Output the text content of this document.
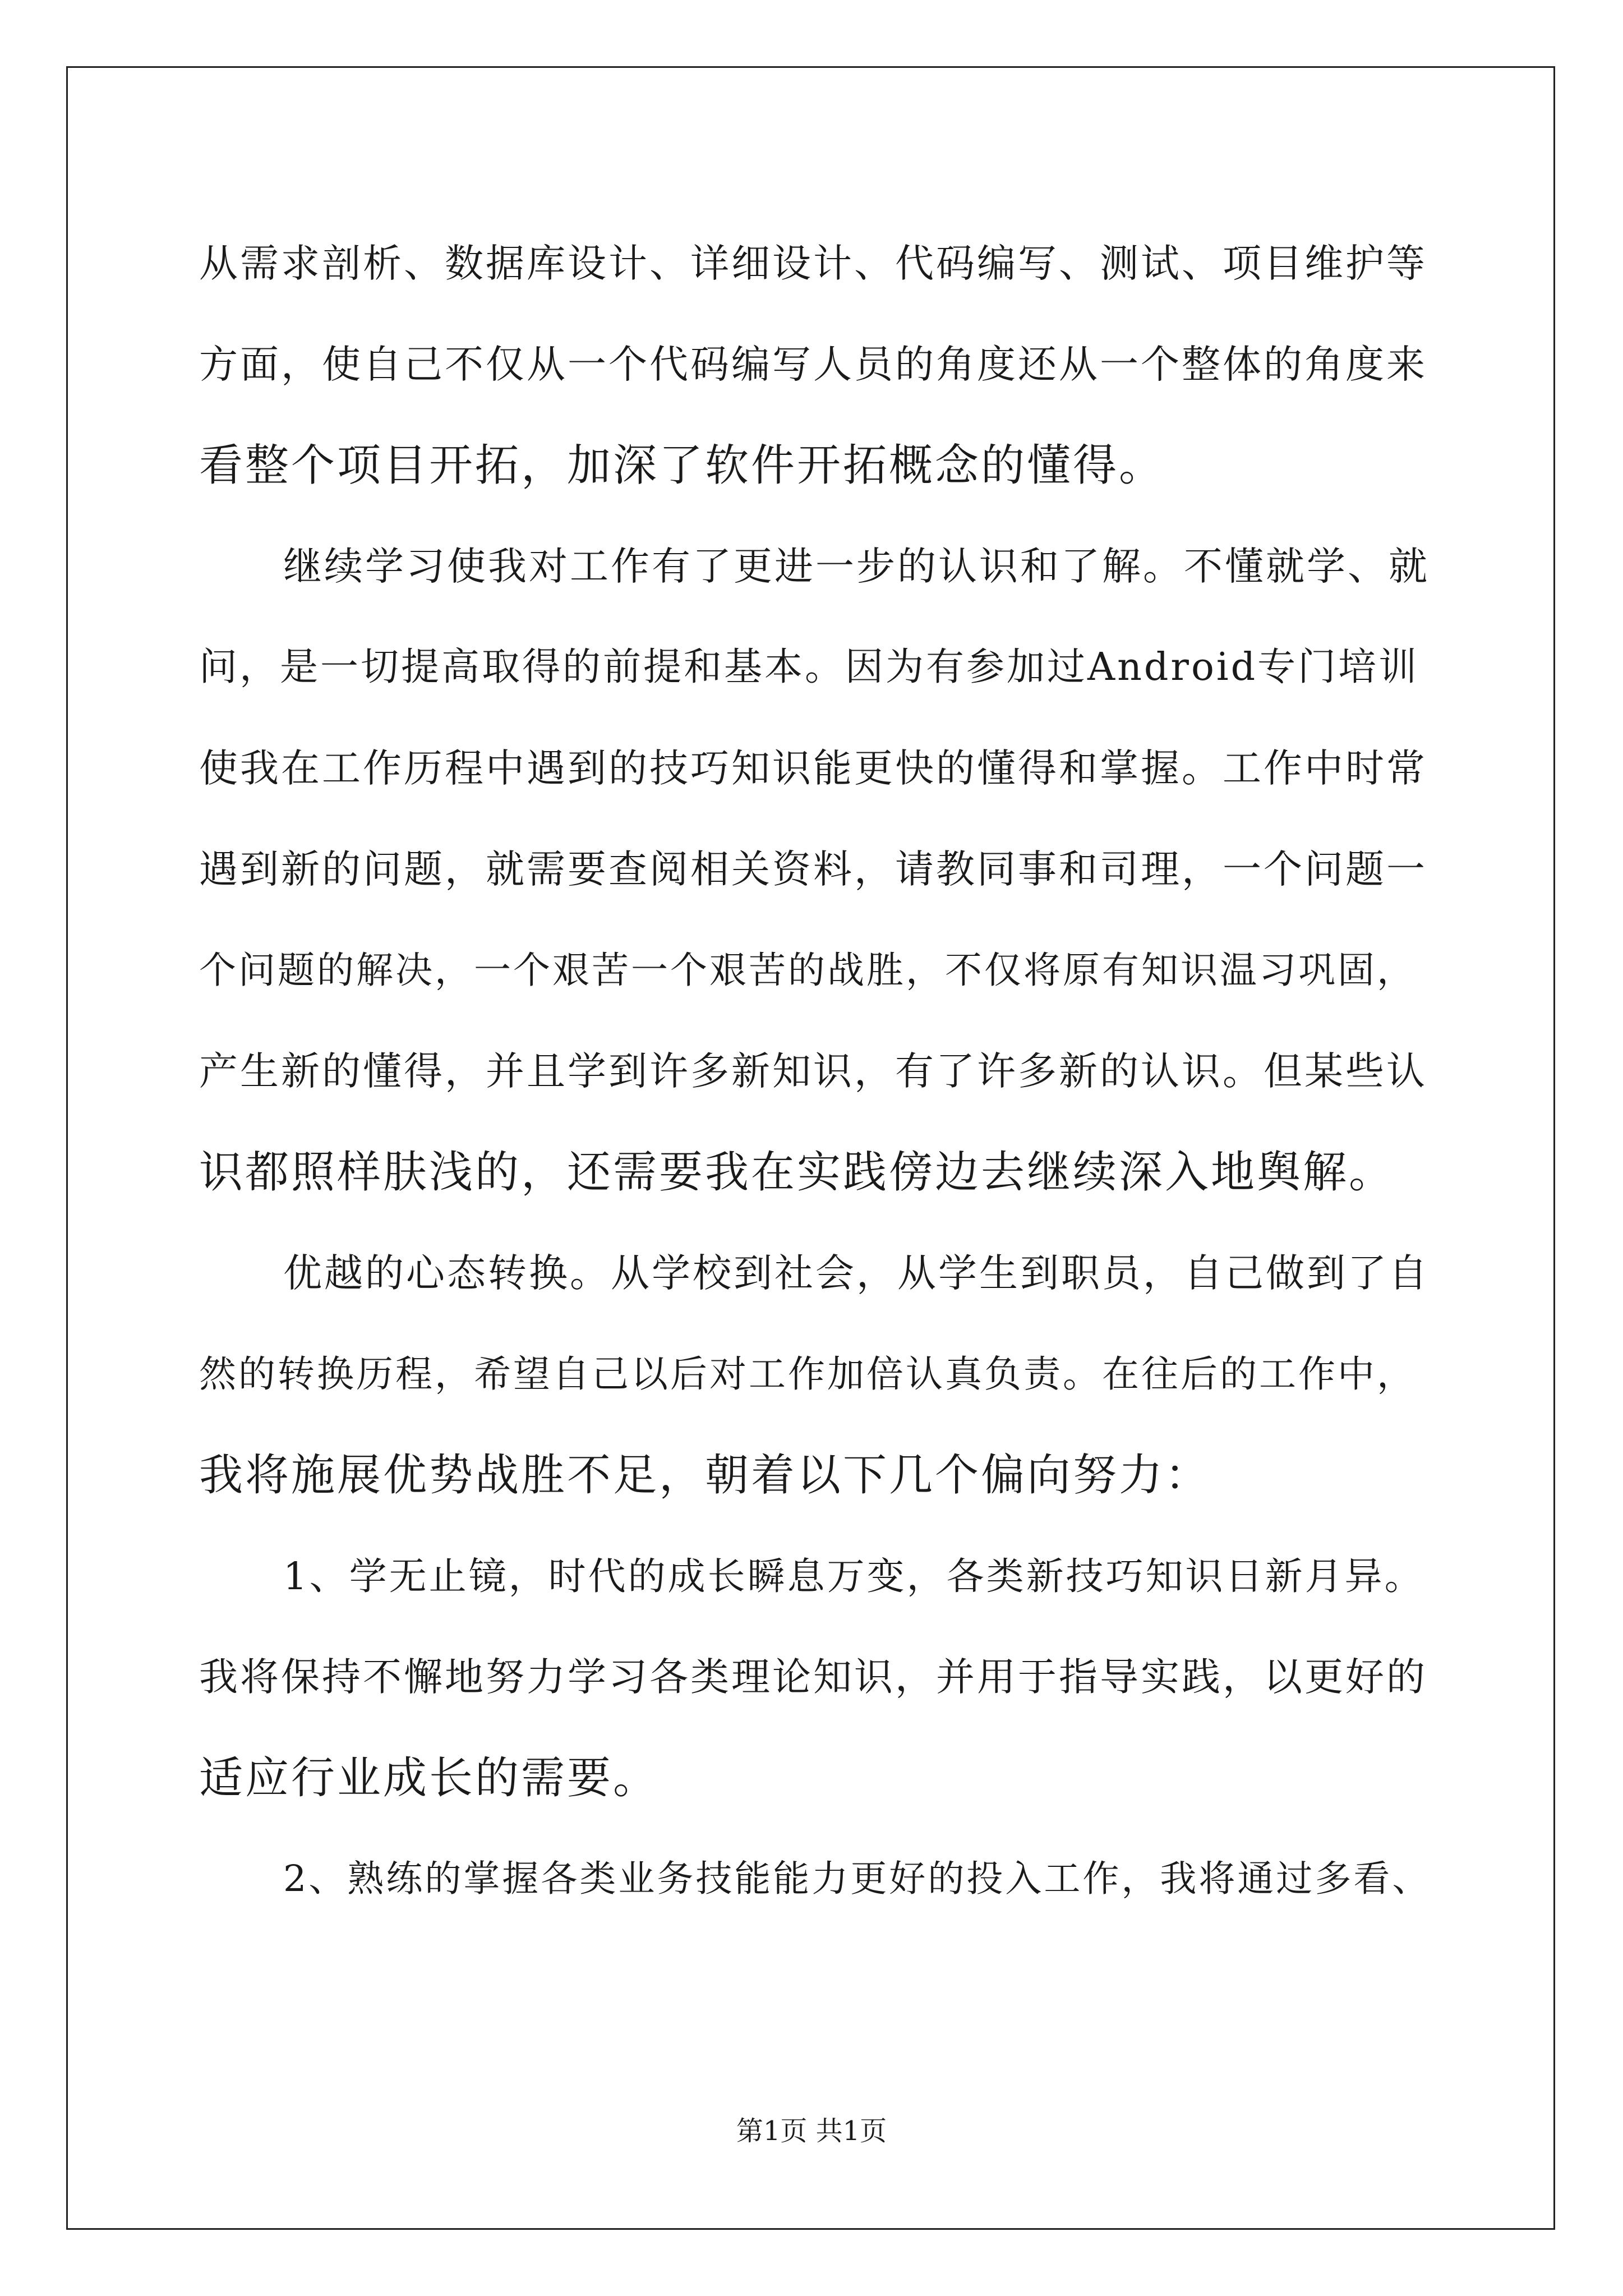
从需求剖析、数据库设计、详细设计、代码编写、测试、项目维护等
方面，使自己不仅从一个代码编写人员的角度还从一个整体的角度来
看整个项目开拓，加深了软件开拓概念的懂得。
继续学习使我对工作有了更进一步的认识和了解。不懂就学、就
问，是一切提高取得的前提和基本。因为有参加过Android专门培训
使我在工作历程中遇到的技巧知识能更快的懂得和掌握。工作中时常
遇到新的问题，就需要查阅相关资料，请教同事和司理，一个问题一
个问题的解决，一个艰苦一个艰苦的战胜，不仅将原有知识温习巩固，
产生新的懂得，并且学到许多新知识，有了许多新的认识。但某些认
识都照样肤浅的，还需要我在实践傍边去继续深入地舆解。
优越的心态转换。从学校到社会，从学生到职员，自己做到了自
然的转换历程，希望自己以后对工作加倍认真负责。在往后的工作中，
我将施展优势战胜不足，朝着以下几个偏向努力：
1、学无止镜，时代的成长瞬息万变，各类新技巧知识日新月异。
我将保持不懈地努力学习各类理论知识，并用于指导实践，以更好的
适应行业成长的需要。
2、熟练的掌握各类业务技能能力更好的投入工作，我将通过多看、
第1页 共1页
